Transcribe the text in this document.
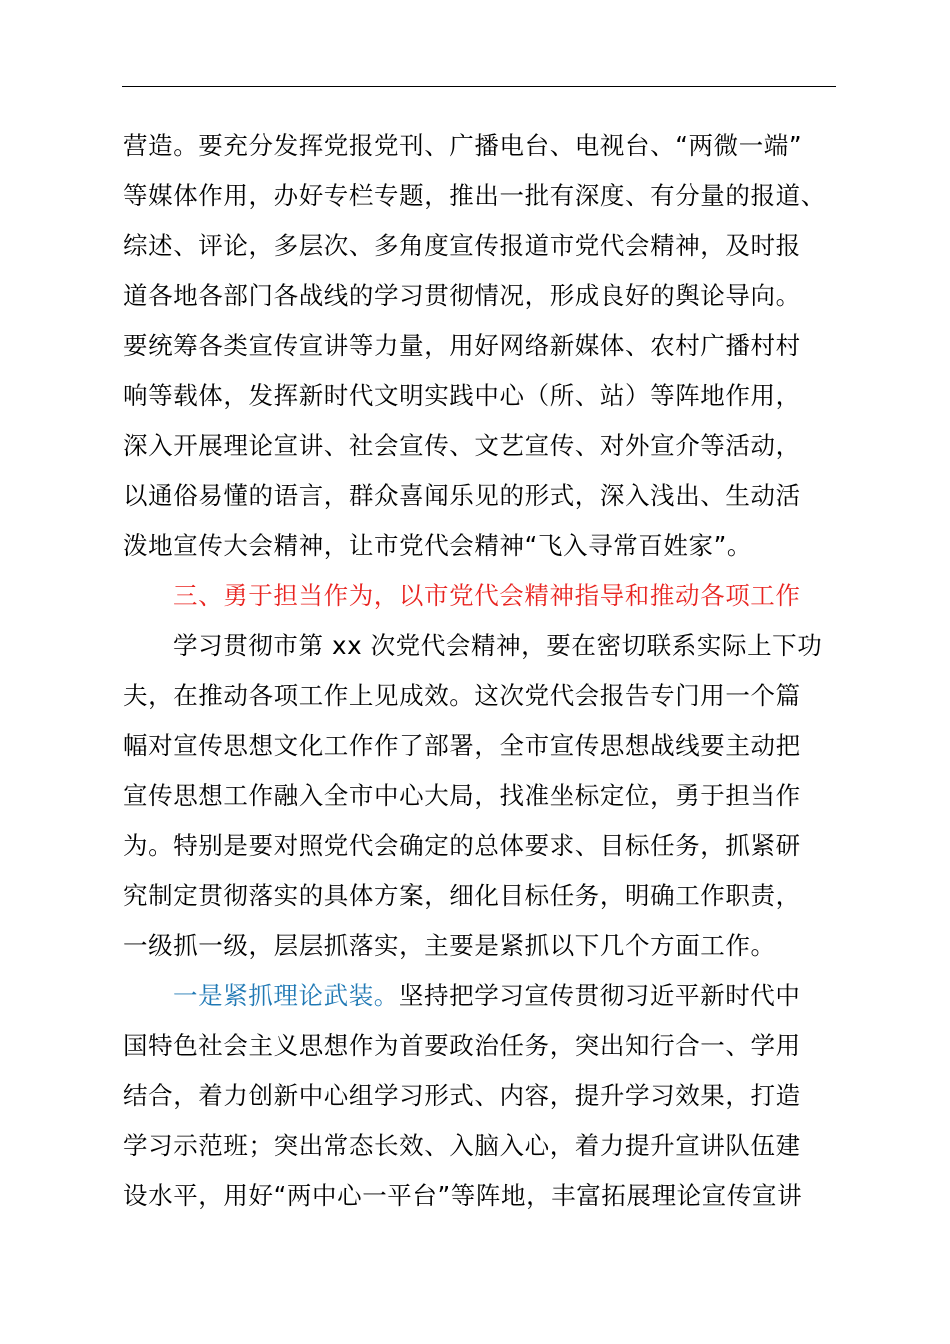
营造。要充分发挥党报党刊、广播电台、电视台、“两微一端”
等媒体作用，办好专栏专题，推出一批有深度、有分量的报道、
综述、评论，多层次、多角度宣传报道市党代会精神，及时报
道各地各部门各战线的学习贯彻情况，形成良好的舆论导向。
要统筹各类宣传宣讲等力量，用好网络新媒体、农村广播村村
响等载体，发挥新时代文明实践中心（所、站）等阵地作用，
深入开展理论宣讲、社会宣传、文艺宣传、对外宣介等活动，
以通俗易懂的语言，群众喜闻乐见的形式，深入浅出、生动活
泼地宣传大会精神，让市党代会精神“飞入寻常百姓家”。
三、勇于担当作为，以市党代会精神指导和推动各项工作
学习贯彻市第 xx 次党代会精神，要在密切联系实际上下功
夫，在推动各项工作上见成效。这次党代会报告专门用一个篇
幅对宣传思想文化工作作了部署，全市宣传思想战线要主动把
宣传思想工作融入全市中心大局，找准坐标定位，勇于担当作
为。特别是要对照党代会确定的总体要求、目标任务，抓紧研
究制定贯彻落实的具体方案，细化目标任务，明确工作职责，
一级抓一级，层层抓落实，主要是紧抓以下几个方面工作。
一是紧抓理论武装。坚持把学习宣传贯彻习近平新时代中
国特色社会主义思想作为首要政治任务，突出知行合一、学用
结合，着力创新中心组学习形式、内容，提升学习效果，打造
学习示范班；突出常态长效、入脑入心，着力提升宣讲队伍建
设水平，用好“两中心一平台”等阵地，丰富拓展理论宣传宣讲
